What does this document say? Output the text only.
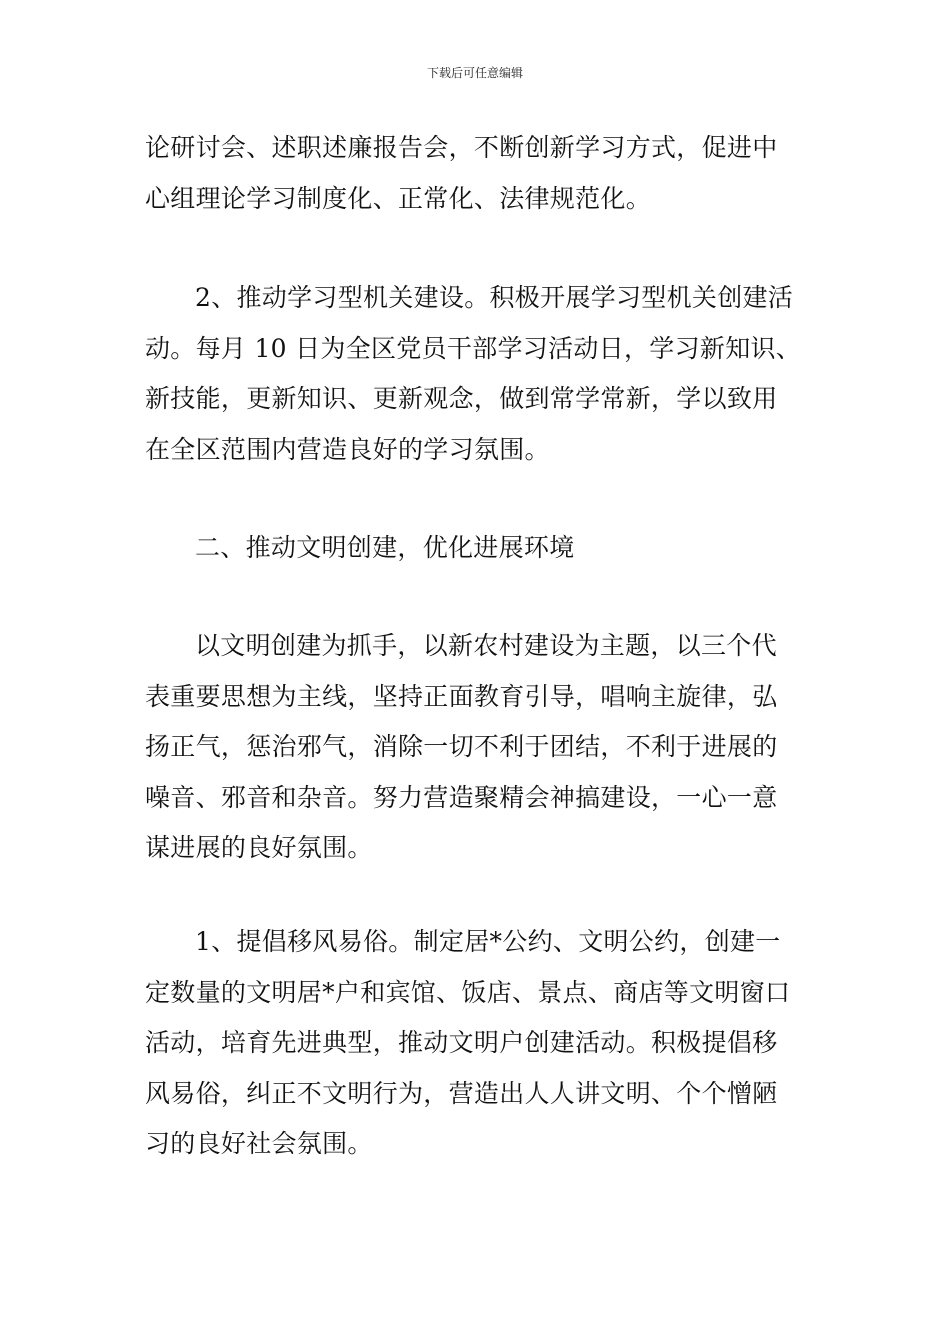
下载后可任意编辑

论研讨会、述职述廉报告会，不断创新学习方式，促进中
心组理论学习制度化、正常化、法律规范化。

2、推动学习型机关建设。积极开展学习型机关创建活
动。每月 10 日为全区党员干部学习活动日，学习新知识、
新技能，更新知识、更新观念，做到常学常新，学以致用
在全区范围内营造良好的学习氛围。

二、推动文明创建，优化进展环境

以文明创建为抓手，以新农村建设为主题，以三个代
表重要思想为主线，坚持正面教育引导，唱响主旋律，弘
扬正气，惩治邪气，消除一切不利于团结，不利于进展的
噪音、邪音和杂音。努力营造聚精会神搞建设，一心一意
谋进展的良好氛围。

1、提倡移风易俗。制定居*公约、文明公约，创建一
定数量的文明居*户和宾馆、饭店、景点、商店等文明窗口
活动，培育先进典型，推动文明户创建活动。积极提倡移
风易俗，纠正不文明行为，营造出人人讲文明、个个憎陋
习的良好社会氛围。
